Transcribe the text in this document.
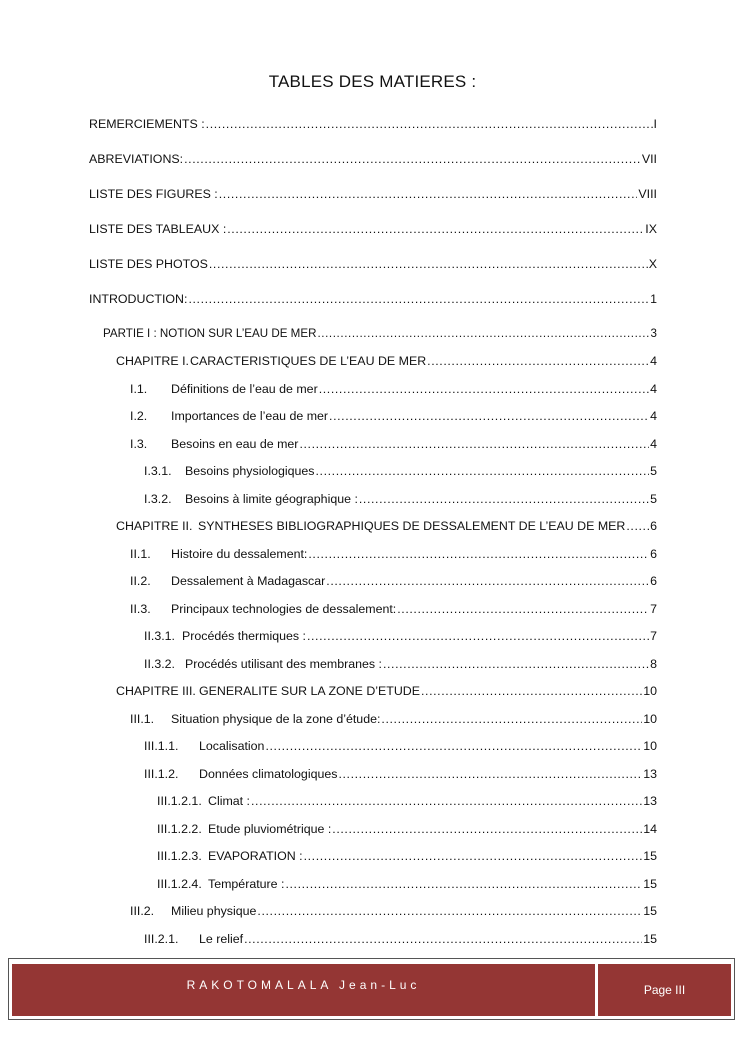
TABLES DES MATIERES :
REMERCIEMENTS : .....	I
ABREVIATIONS: .....	VII
LISTE DES FIGURES : .....	VIII
LISTE DES TABLEAUX : .....	IX
LISTE DES PHOTOS .....	X
INTRODUCTION: .....	1
PARTIE I : NOTION SUR L’EAU DE MER .....	3
CHAPITRE I. CARACTERISTIQUES DE L’EAU DE MER .....	4
I.1.	Définitions de l’eau de mer .....	4
I.2.	Importances de l’eau de mer .....	4
I.3.	Besoins en eau de mer .....	4
I.3.1.	Besoins physiologiques .....	5
I.3.2.	Besoins à limite géographique : .....	5
CHAPITRE II. SYNTHESES BIBLIOGRAPHIQUES DE DESSALEMENT DE L’EAU DE MER ..... 6
II.1.	Histoire du dessalement: .....	6
II.2.	Dessalement à Madagascar .....	6
II.3.	Principaux technologies de dessalement: .....	7
II.3.1. Procédés thermiques : .....	7
II.3.2. Procédés utilisant des membranes : .....	8
CHAPITRE III. GENERALITE SUR LA ZONE D’ETUDE .....	10
III.1.	Situation physique de la zone d’étude: .....	10
III.1.1.	Localisation .....	10
III.1.2.	Données climatologiques .....	13
III.1.2.1. Climat : .....	13
III.1.2.2. Etude pluviométrique : .....	14
III.1.2.3. EVAPORATION : .....	15
III.1.2.4. Température : .....	15
III.2.	Milieu physique .....	15
III.2.1.	Le relief .....	15
RAKOTOMALALA Jean-Luc	Page III
